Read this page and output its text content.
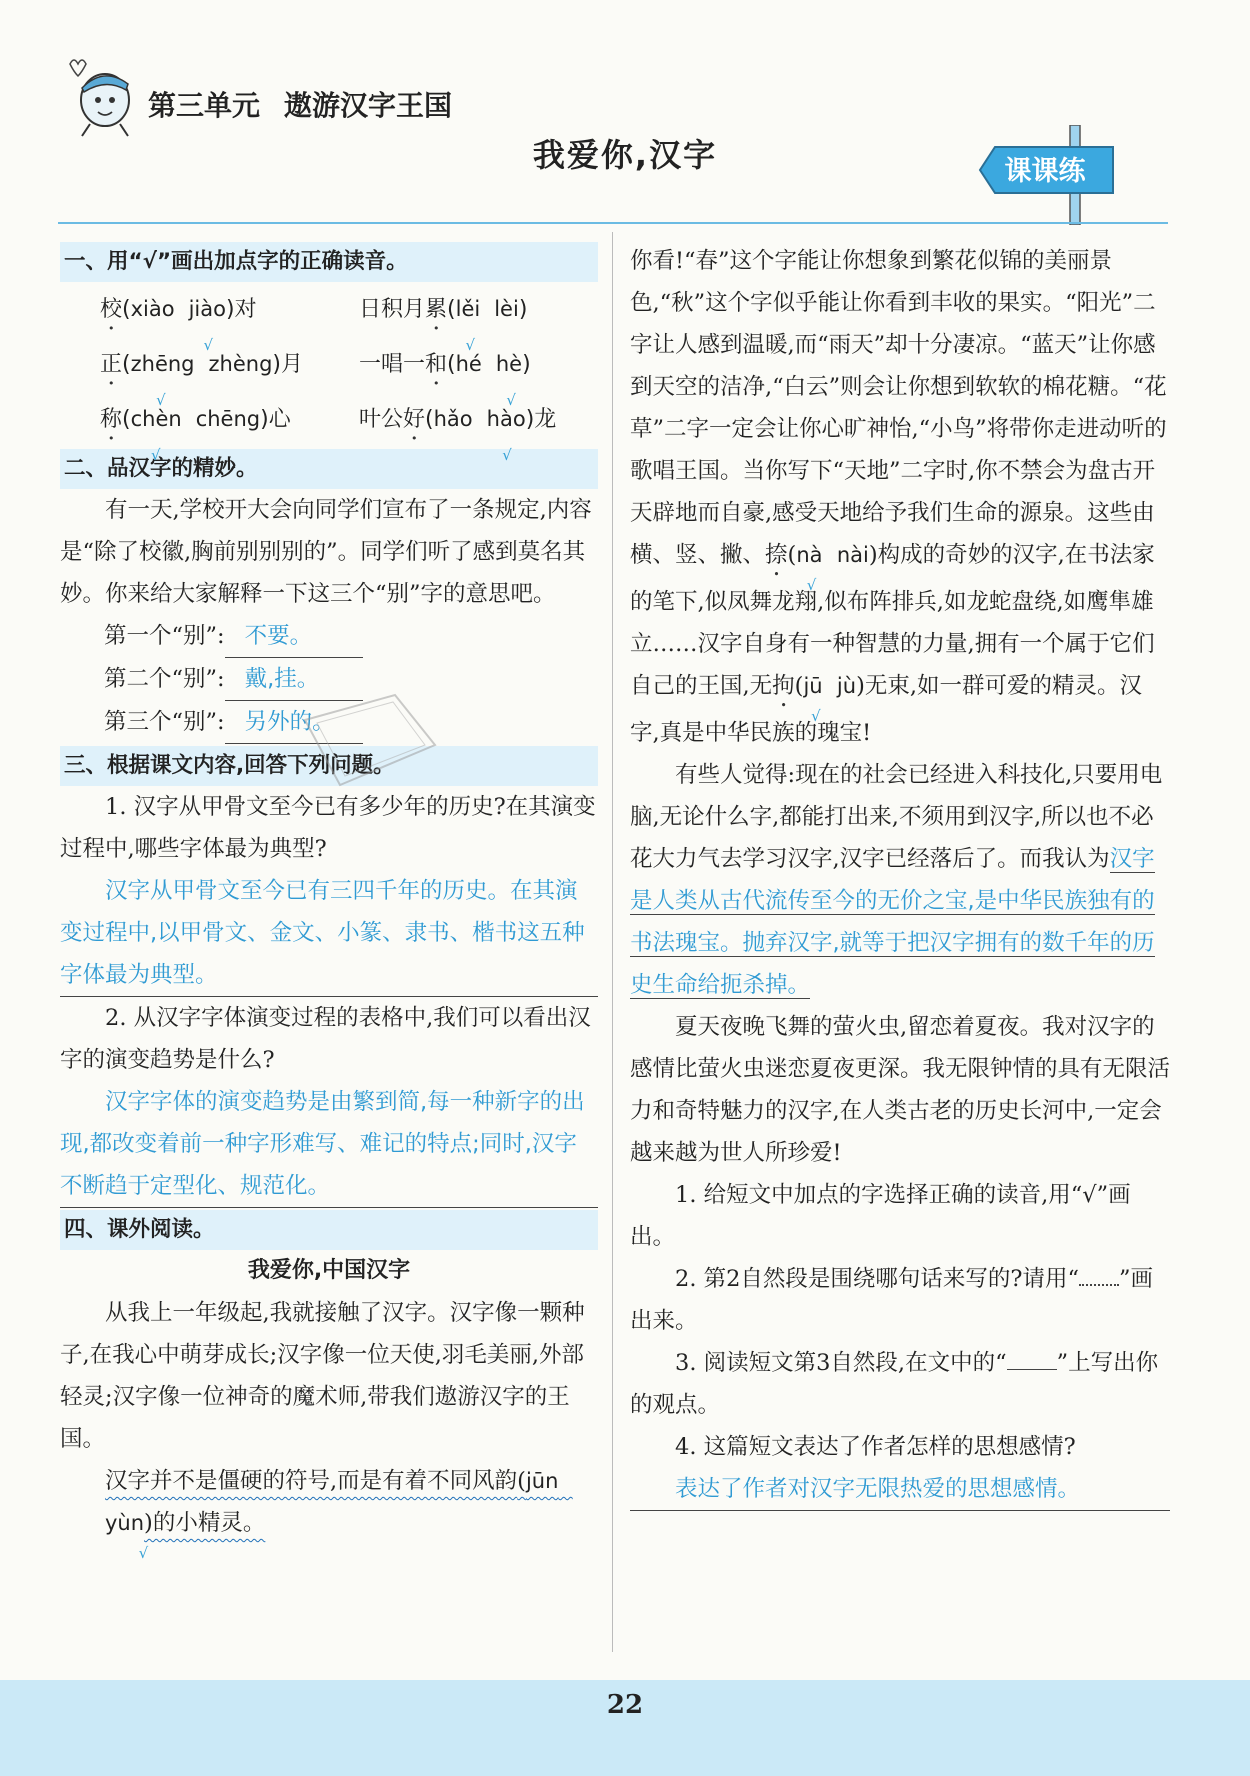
第三单元 遨游汉字王国
我爱你,汉字	课课练
一、用“√”画出加点字的正确读音。
校(xiào jiào √)对	日积月累(lěi √ lèi)
正(zhēng √ zhèng)月	一唱一和(hé hè √)
称(chèn √ chēng)心	叶公好(hǎo hào √)龙
二、品汉字的精妙。

有一天,学校开大会向同学们宣布了一条规定,内容是“除了校徽,胸前别别别的”。同学们听了感到莫名其妙。你来给大家解释一下这三个“别”字的意思吧。

第一个“别”: 不要。

第二个“别”: 戴,挂。

第三个“别”: 另外的。

三、根据课文内容,回答下列问题。

1. 汉字从甲骨文至今已有多少年的历史?在其演变过程中,哪些字体最为典型?

汉字从甲骨文至今已有三四千年的历史。在其演变过程中,以甲骨文、金文、小篆、隶书、楷书这五种字体最为典型。

2. 从汉字字体演变过程的表格中,我们可以看出汉字的演变趋势是什么?

汉字字体的演变趋势是由繁到简,每一种新字的出现,都改变着前一种字形难写、难记的特点;同时,汉字不断趋于定型化、规范化。

四、课外阅读。
我爱你,中国汉字

从我上一年级起,我就接触了汉字。汉字像一颗种子,在我心中萌芽成长;汉字像一位天使,羽毛美丽,外部轻灵;汉字像一位神奇的魔术师,带我们遨游汉字的王国。

汉字并不是僵硬的符号,而是有着不同风韵(jūn  yùn √)的小精灵。

你看!“春”这个字能让你想象到繁花似锦的美丽景色,“秋”这个字似乎能让你看到丰收的果实。“阳光”二字让人感到温暖,而“雨天”却十分凄凉。“蓝天”让你感到天空的洁净,“白云”则会让你想到软软的棉花糖。“花草”二字一定会让你心旷神怡,“小鸟”将带你走进动听的歌唱王国。当你写下“天地”二字时,你不禁会为盘古开天辟地而自豪,感受天地给予我们生命的源泉。这些由横、竖、撇、捺(nà √ nài)构成的奇妙的汉字,在书法家的笔下,似凤舞龙翔,似布阵排兵,如龙蛇盘绕,如鹰隼雄立……汉字自身有一种智慧的力量,拥有一个属于它们自己的王国,无拘(jū √ jù)无束,如一群可爱的精灵。汉字,真是中华民族的瑰宝!

有些人觉得:现在的社会已经进入科技化,只要用电脑,无论什么字,都能打出来,不须用到汉字,所以也不必花大力气去学习汉字,汉字已经落后了。而我认为汉字是人类从古代流传至今的无价之宝,是中华民族独有的书法瑰宝。抛弃汉字,就等于把汉字拥有的数千年的历史生命给扼杀掉。

夏天夜晚飞舞的萤火虫,留恋着夏夜。我对汉字的感情比萤火虫迷恋夏夜更深。我无限钟情的具有无限活力和奇特魅力的汉字,在人类古老的历史长河中,一定会越来越为世人所珍爱!

1. 给短文中加点的字选择正确的读音,用“√”画出。

2. 第2自然段是围绕哪句话来写的?请用“ ”画出来。

3. 阅读短文第3自然段,在文中的“ ”上写出你的观点。

4. 这篇短文表达了作者怎样的思想感情?

表达了作者对汉字无限热爱的思想感情。

22
